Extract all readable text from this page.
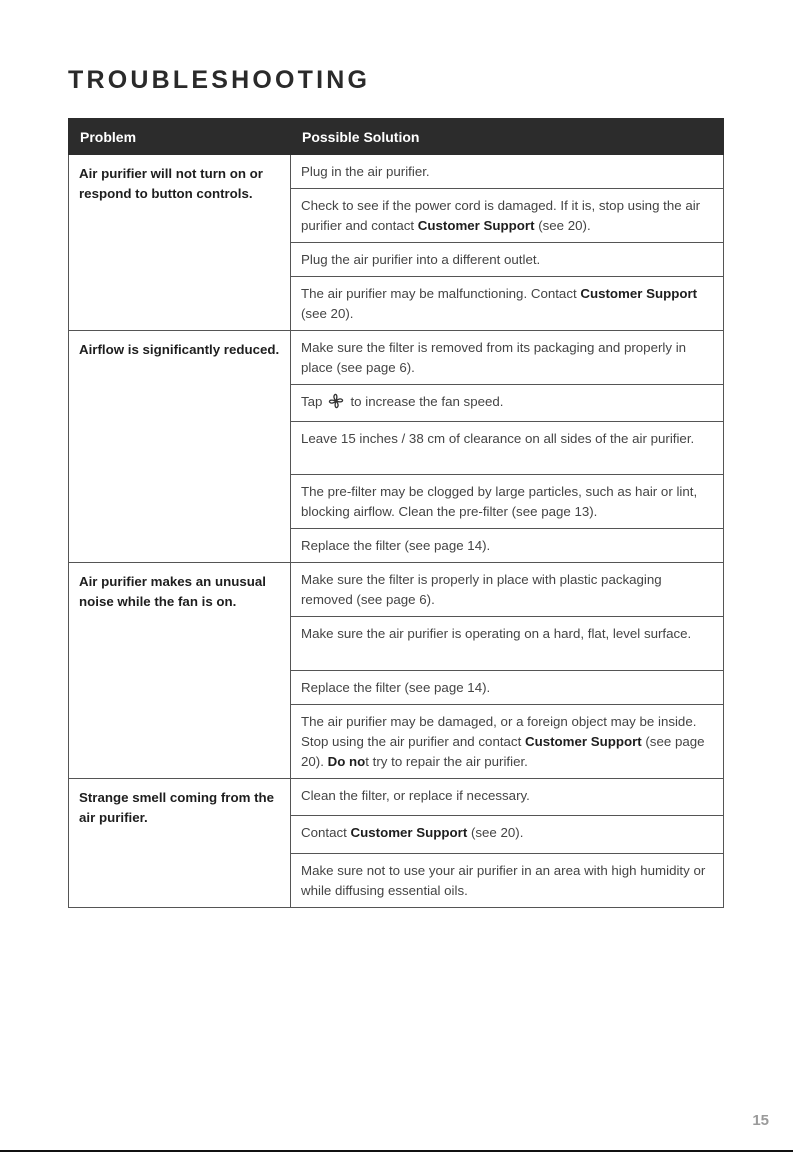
TROUBLESHOOTING
Problem	Possible Solution
Air purifier will not turn on or respond to button controls.	Plug in the air purifier.
	Check to see if the power cord is damaged. If it is, stop using the air purifier and contact Customer Support (see 20).
	Plug the air purifier into a different outlet.
	The air purifier may be malfunctioning. Contact Customer Support (see 20).
Airflow is significantly reduced.	Make sure the filter is removed from its packaging and properly in place (see page 6).
	Tap to increase the fan speed.
	Leave 15 inches / 38 cm of clearance on all sides of the air purifier.
	The pre-filter may be clogged by large particles, such as hair or lint, blocking airflow. Clean the pre-filter (see page 13).
	Replace the filter (see page 14).
Air purifier makes an unusual noise while the fan is on.	Make sure the filter is properly in place with plastic packaging removed (see page 6).
	Make sure the air purifier is operating on a hard, flat, level surface.
	Replace the filter (see page 14).
	The air purifier may be damaged, or a foreign object may be inside. Stop using the air purifier and contact Customer Support (see page 20). Do not try to repair the air purifier.
Strange smell coming from the air purifier.	Clean the filter, or replace if necessary.
	Contact Customer Support (see 20).
	Make sure not to use your air purifier in an area with high humidity or while diffusing essential oils.
15
